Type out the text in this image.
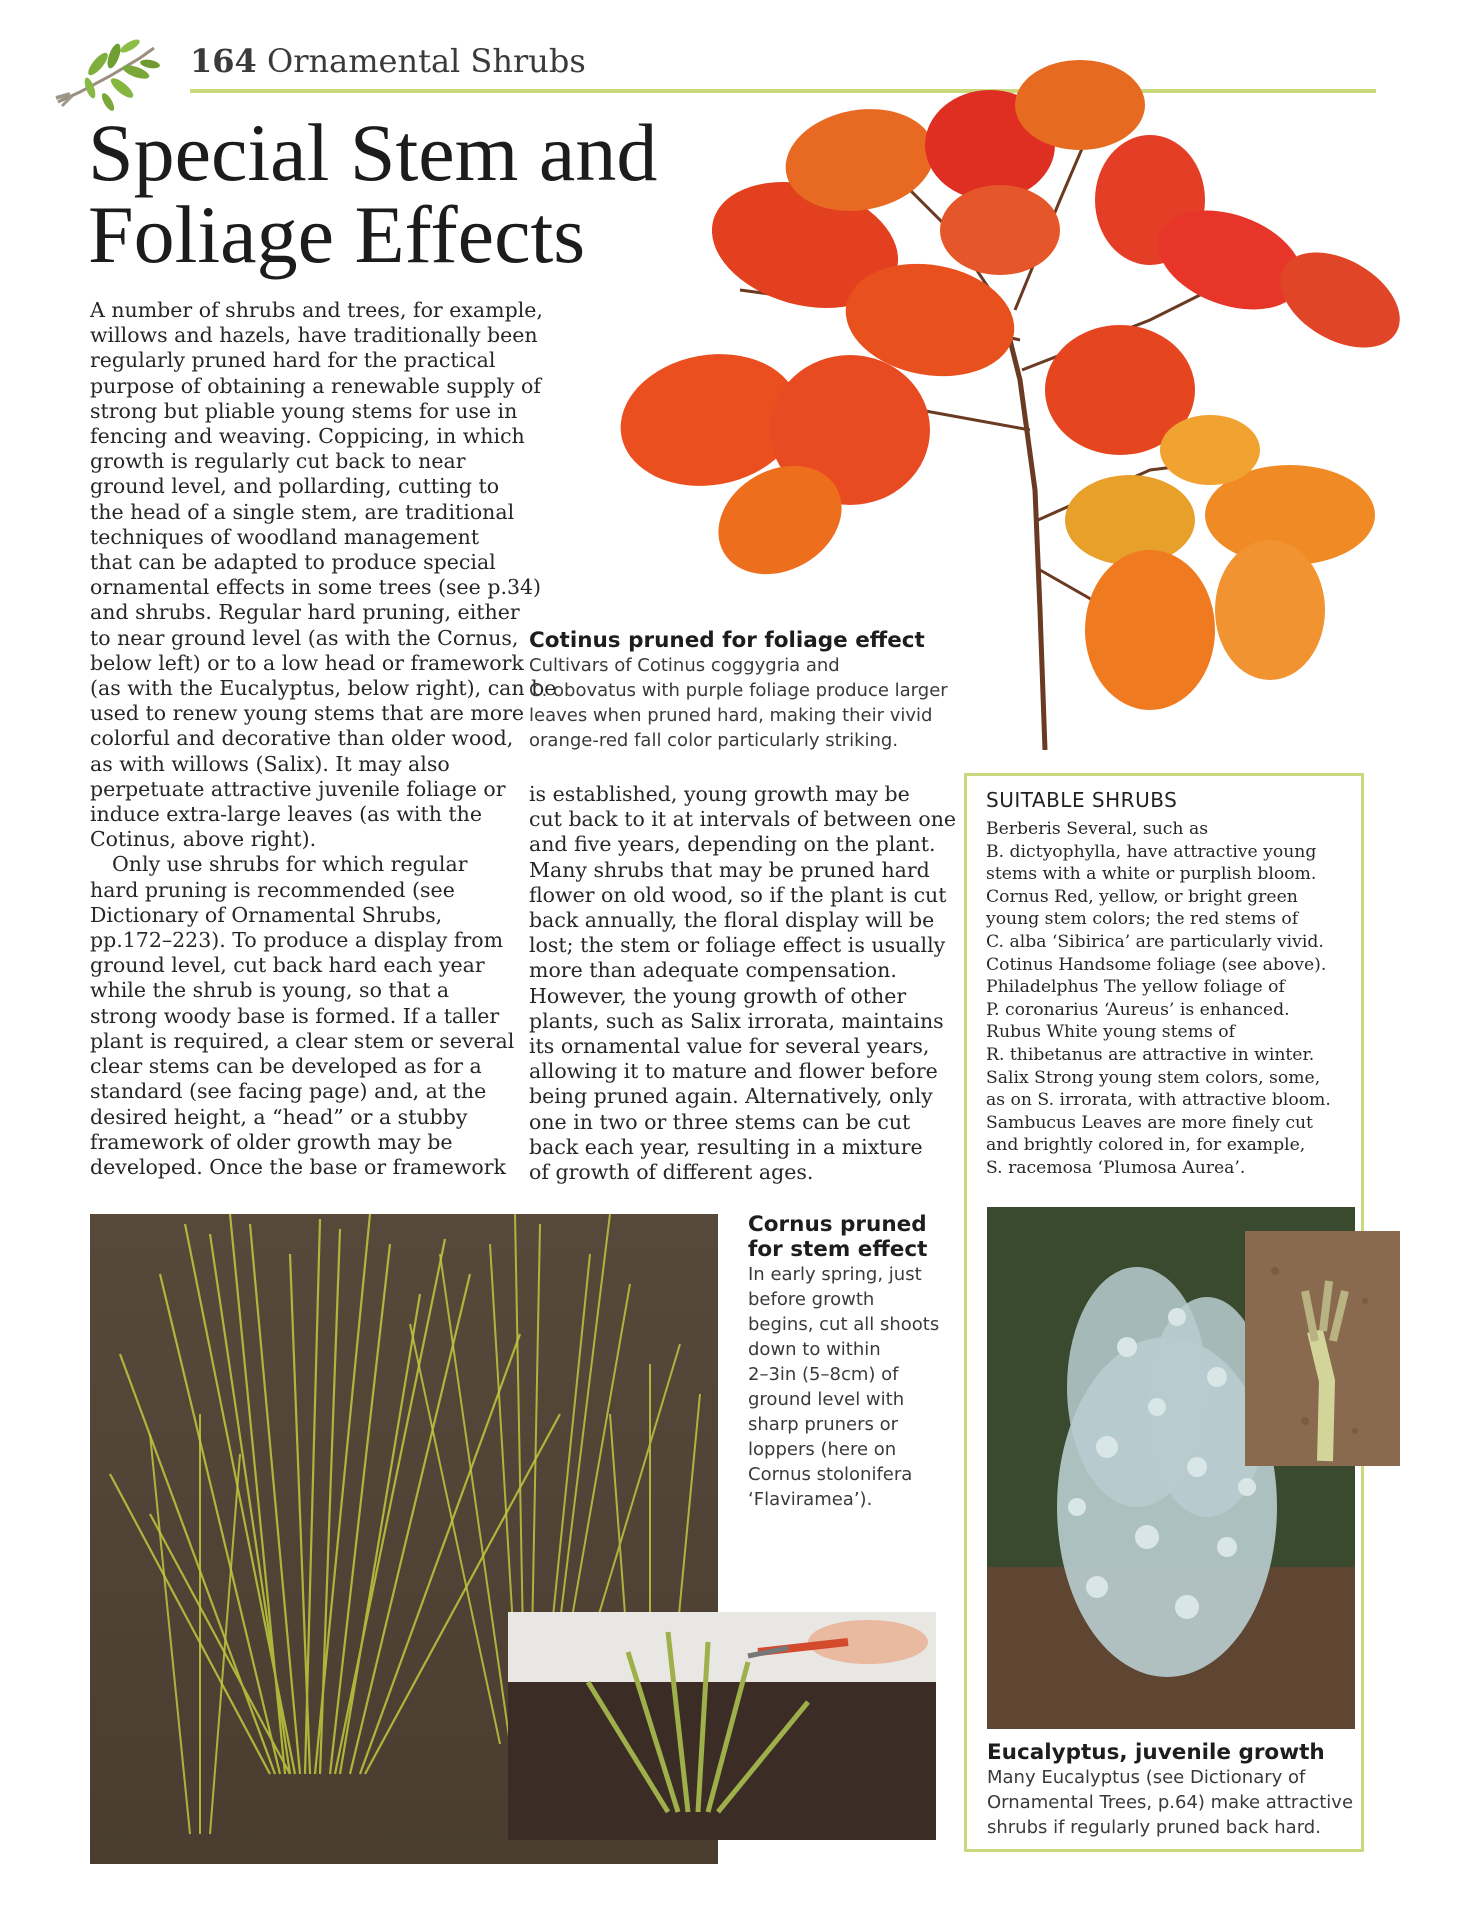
164 Ornamental Shrubs
Special Stem and
Foliage Effects
A number of shrubs and trees, for example,
willows and hazels, have traditionally been
regularly pruned hard for the practical
purpose of obtaining a renewable supply of
strong but pliable young stems for use in
fencing and weaving. Coppicing, in which
growth is regularly cut back to near
ground level, and pollarding, cutting to
the head of a single stem, are traditional
techniques of woodland management
that can be adapted to produce special
ornamental effects in some trees (see p.34)
and shrubs. Regular hard pruning, either
to near ground level (as with the Cornus,
below left) or to a low head or framework
(as with the Eucalyptus, below right), can be
used to renew young stems that are more
colorful and decorative than older wood,
as with willows (Salix). It may also
perpetuate attractive juvenile foliage or
induce extra-large leaves (as with the
Cotinus, above right).
Only use shrubs for which regular
hard pruning is recommended (see
Dictionary of Ornamental Shrubs,
pp.172–223). To produce a display from
ground level, cut back hard each year
while the shrub is young, so that a
strong woody base is formed. If a taller
plant is required, a clear stem or several
clear stems can be developed as for a
standard (see facing page) and, at the
desired height, a “head” or a stubby
framework of older growth may be
developed. Once the base or framework
Cotinus pruned for foliage effect
Cultivars of Cotinus coggygria and
C. obovatus with purple foliage produce larger
leaves when pruned hard, making their vivid
orange-red fall color particularly striking.
is established, young growth may be
cut back to it at intervals of between one
and five years, depending on the plant.
Many shrubs that may be pruned hard
flower on old wood, so if the plant is cut
back annually, the floral display will be
lost; the stem or foliage effect is usually
more than adequate compensation.
However, the young growth of other
plants, such as Salix irrorata, maintains
its ornamental value for several years,
allowing it to mature and flower before
being pruned again. Alternatively, only
one in two or three stems can be cut
back each year, resulting in a mixture
of growth of different ages.
SUITABLE SHRUBS
Berberis Several, such as
B. dictyophylla, have attractive young
stems with a white or purplish bloom.
Cornus Red, yellow, or bright green
young stem colors; the red stems of
C. alba ‘Sibirica’ are particularly vivid.
Cotinus Handsome foliage (see above).
Philadelphus The yellow foliage of
P. coronarius ‘Aureus’ is enhanced.
Rubus White young stems of
R. thibetanus are attractive in winter.
Salix Strong young stem colors, some,
as on S. irrorata, with attractive bloom.
Sambucus Leaves are more finely cut
and brightly colored in, for example,
S. racemosa ‘Plumosa Aurea’.
Cornus pruned
for stem effect
In early spring, just
before growth
begins, cut all shoots
down to within
2–3in (5–8cm) of
ground level with
sharp pruners or
loppers (here on
Cornus stolonifera
‘Flaviramea’).
Eucalyptus, juvenile growth
Many Eucalyptus (see Dictionary of
Ornamental Trees, p.64) make attractive
shrubs if regularly pruned back hard.
